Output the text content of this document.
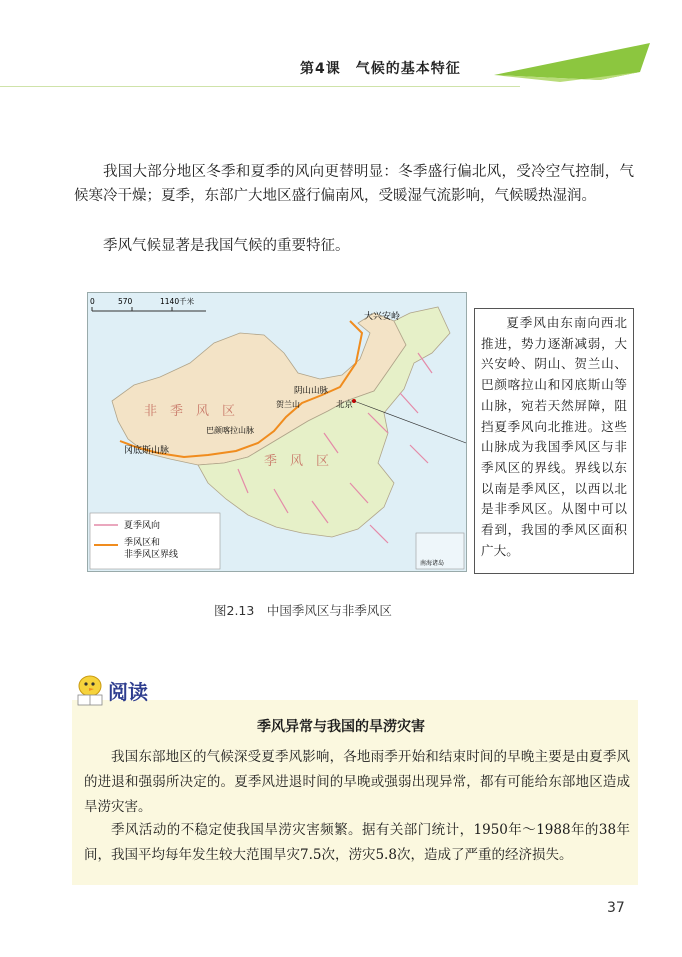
第4课　气候的基本特征

我国大部分地区冬季和夏季的风向更替明显：冬季盛行偏北风，受冷空气控制，气候寒冷干燥；夏季，东部广大地区盛行偏南风，受暖湿气流影响，气候暖热湿润。

季风气候显著是我国气候的重要特征。

0	570	1140千米
非　季　风　区
季　风　区
大兴安岭
阴山山脉
贺兰山
巴颜喀拉山脉
冈底斯山脉
北京
夏季风向
季风区和 非季风区界线
南海诸岛
夏季风由东南向西北推进，势力逐渐减弱，大兴安岭、阴山、贺兰山、巴颜喀拉山和冈底斯山等山脉，宛若天然屏障，阻挡夏季风向北推进。这些山脉成为我国季风区与非季风区的界线。界线以东以南是季风区，以西以北是非季风区。从图中可以看到，我国的季风区面积广大。
图2.13　中国季风区与非季风区
阅读
季风异常与我国的旱涝灾害

我国东部地区的气候深受夏季风影响，各地雨季开始和结束时间的早晚主要是由夏季风的进退和强弱所决定的。夏季风进退时间的早晚或强弱出现异常，都有可能给东部地区造成旱涝灾害。

季风活动的不稳定使我国旱涝灾害频繁。据有关部门统计，1950年～1988年的38年间，我国平均每年发生较大范围旱灾7.5次，涝灾5.8次，造成了严重的经济损失。

37
